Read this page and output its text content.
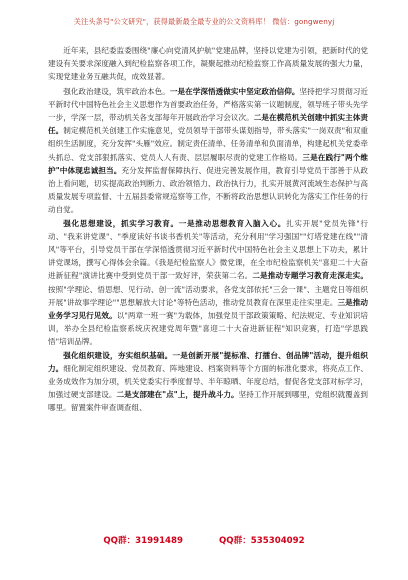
关注头条号"公文研究"，获得最新最全最专业的公文资料库！ 微信：gongwenyj

近年来，县纪委监委围绕"廉心向党清风护航"党建品牌，坚持以党建为引领，把新时代的党建设有关要求深度融入到纪检监察各项工作，凝聚起推动纪检监察工作高质量发展的强大力量，实现党建业务互融共促，成效显著。

强化政治建设，筑牢政治本色。一是在学深悟透做实中坚定政治信仰。坚持把学习贯彻习近平新时代中国特色社会主义思想作为首要政治任务，严格落实第一议题制度，领导班子带头先学一步，学深一层，带动机关各支部每年开展政治学习会议次。二是在模范机关创建中抓实主体责任。制定模范机关创建工作实施意见，党员领导干部带头谋划指导，带头落实"一岗双责"和双重组织生活制度，充分发挥"头雁"效应。制定责任清单、任务清单和负面清单，构建起机关党委牵头抓总、党支部狠抓落实、党员人人有责、层层履职尽责的党建工作格局。三是在践行"两个维护"中体现忠诚担当。充分发挥监督保障执行、促进完善发展作用，教育引导党员干部善于从政治上看问题，切实提高政治判断力、政治领悟力、政治执行力，扎实开展黄河流域生态保护与高质量发展专项监督、十五届县委常规巡察等工作，不断将政治思想认识转化为落实工作任务的行动自觉。

强化思想建设，抓实学习教育。一是推动思想教育入脑入心。扎实开展"党员先锋"行动、"我来讲党课"、"季度读好书谈书香机关"等活动，充分利用"学习强国""灯塔党建在线""清风"等平台，引导党员干部在学深悟透贯彻习近平新时代中国特色社会主义思想上下功夫，累计讲党课场，撰写心得体会余篇。《我是纪检监察人》微党课，在全市纪检监察机关"喜迎二十大奋进新征程"演讲比赛中受到党员干部一致好评，荣获第二名。二是推动专题学习教育走深走实。按照"学理论、悟思想、见行动、创一流"活动要求，各党支部依托"三会一课"、主题党日等组织开展"讲故事学理论""思想解放大讨论"等特色活动，推动党员教育在深里走往实里走。三是推动业务学习见行见效。以"两章一班一赛"为载体，加强党员干部政策策略、纪法规定、专业知识培训，举办全县纪检监察系统庆祝建党周年暨"喜迎二十大奋进新征程"知识竞赛，打造"学思践悟"培训品牌。

强化组织建设，夯实组织基础。一是创新开展"提标准、打擂台、创品牌"活动，提升组织力。细化制定组织建设、党员教育、阵地建设、档案资料等个方面的标准化要求，将亮点工作、业务成效作为加分项，机关党委实行季度督导、半年晾晒、年度总结，督促各党支部对标学习，加强过硬支部建设。二是支部建在"点"上，提升战斗力。坚持工作开展到哪里，党组织就覆盖到哪里。留置案件审查调查组、

QQ群：31991489	QQ群：535304092
